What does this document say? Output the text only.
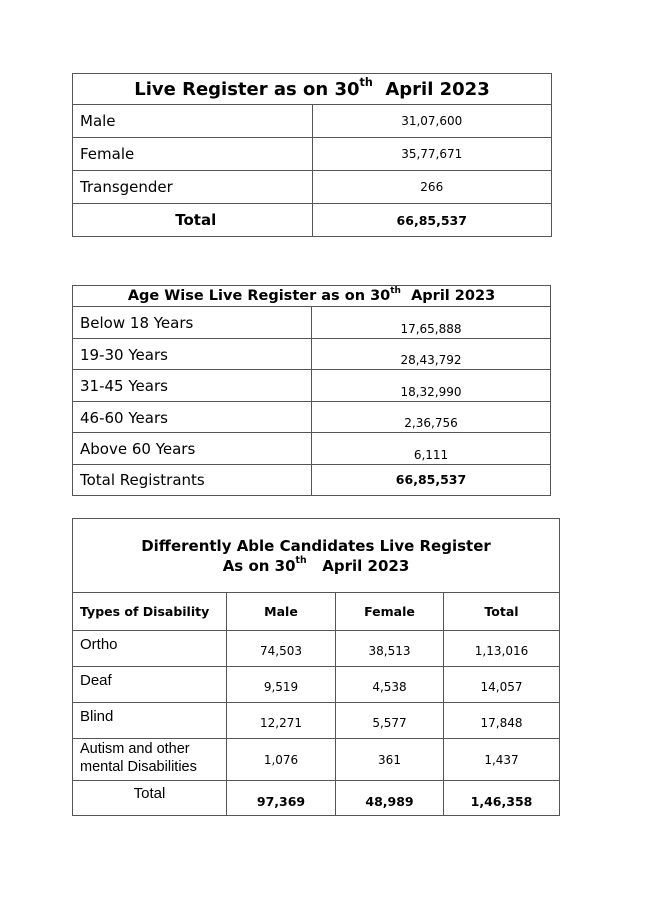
Live Register as on 30th  April 2023	
Male	31,07,600
Female	35,77,671
Transgender	266
Total	66,85,537
Age Wise Live Register as on 30th  April 2023	
Below 18 Years	17,65,888
19-30 Years	28,43,792
31-45 Years	18,32,990
46-60 Years	2,36,756
Above 60 Years	6,111
Total Registrants	66,85,537
Differently Able Candidates Live Register
As on 30th   April 2023			

Types of Disability	Male	Female	Total
Ortho	74,503	38,513	1,13,016
Deaf	9,519	4,538	14,057
Blind	12,271	5,577	17,848

Autism and other
mental Disabilities	1,076	361	1,437
Total	97,369	48,989	1,46,358
